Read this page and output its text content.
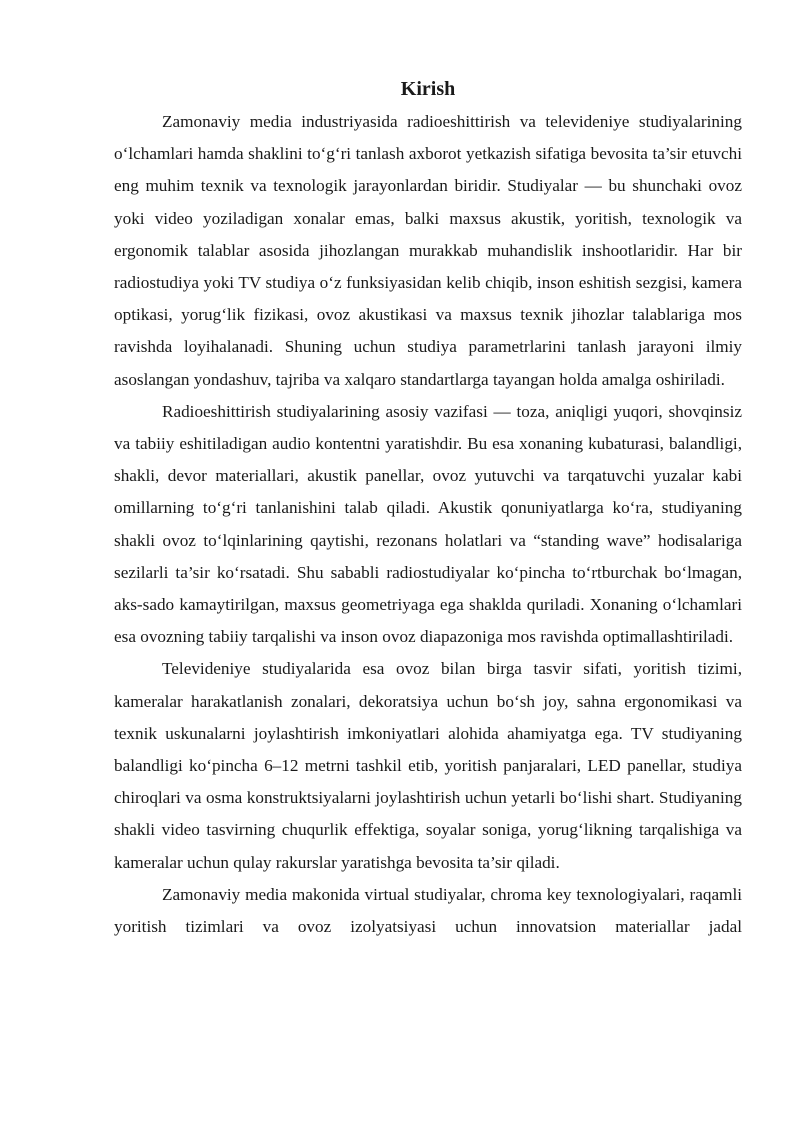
Kirish

Zamonaviy media industriyasida radioeshittirish va televideniye studiyalarining o‘lchamlari hamda shaklini to‘g‘ri tanlash axborot yetkazish sifatiga bevosita ta’sir etuvchi eng muhim texnik va texnologik jarayonlardan biridir. Studiyalar — bu shunchaki ovoz yoki video yoziladigan xonalar emas, balki maxsus akustik, yoritish, texnologik va ergonomik talablar asosida jihozlangan murakkab muhandislik inshootlaridir. Har bir radiostudiya yoki TV studiya o‘z funksiyasidan kelib chiqib, inson eshitish sezgisi, kamera optikasi, yorug‘lik fizikasi, ovoz akustikasi va maxsus texnik jihozlar talablariga mos ravishda loyihalanadi. Shuning uchun studiya parametrlarini tanlash jarayoni ilmiy asoslangan yondashuv, tajriba va xalqaro standartlarga tayangan holda amalga oshiriladi.

Radioeshittirish studiyalarining asosiy vazifasi — toza, aniqligi yuqori, shovqinsiz va tabiiy eshitiladigan audio kontentni yaratishdir. Bu esa xonaning kubaturasi, balandligi, shakli, devor materiallari, akustik panellar, ovoz yutuvchi va tarqatuvchi yuzalar kabi omillarning to‘g‘ri tanlanishini talab qiladi. Akustik qonuniyatlarga ko‘ra, studiyaning shakli ovoz to‘lqinlarining qaytishi, rezonans holatlari va “standing wave” hodisalariga sezilarli ta’sir ko‘rsatadi. Shu sababli radiostudiyalar ko‘pincha to‘rtburchak bo‘lmagan, aks-sado kamaytirilgan, maxsus geometriyaga ega shaklda quriladi. Xonaning o‘lchamlari esa ovozning tabiiy tarqalishi va inson ovoz diapazoniga mos ravishda optimallashtiriladi.

Televideniye studiyalarida esa ovoz bilan birga tasvir sifati, yoritish tizimi, kameralar harakatlanish zonalari, dekoratsiya uchun bo‘sh joy, sahna ergonomikasi va texnik uskunalarni joylashtirish imkoniyatlari alohida ahamiyatga ega. TV studiyaning balandligi ko‘pincha 6–12 metrni tashkil etib, yoritish panjaralari, LED panellar, studiya chiroqlari va osma konstruktsiyalarni joylashtirish uchun yetarli bo‘lishi shart. Studiyaning shakli video tasvirning chuqurlik effektiga, soyalar soniga, yorug‘likning tarqalishiga va kameralar uchun qulay rakurslar yaratishga bevosita ta’sir qiladi.

Zamonaviy media makonida virtual studiyalar, chroma key texnologiyalari, raqamli yoritish tizimlari va ovoz izolyatsiyasi uchun innovatsion materiallar jadal
